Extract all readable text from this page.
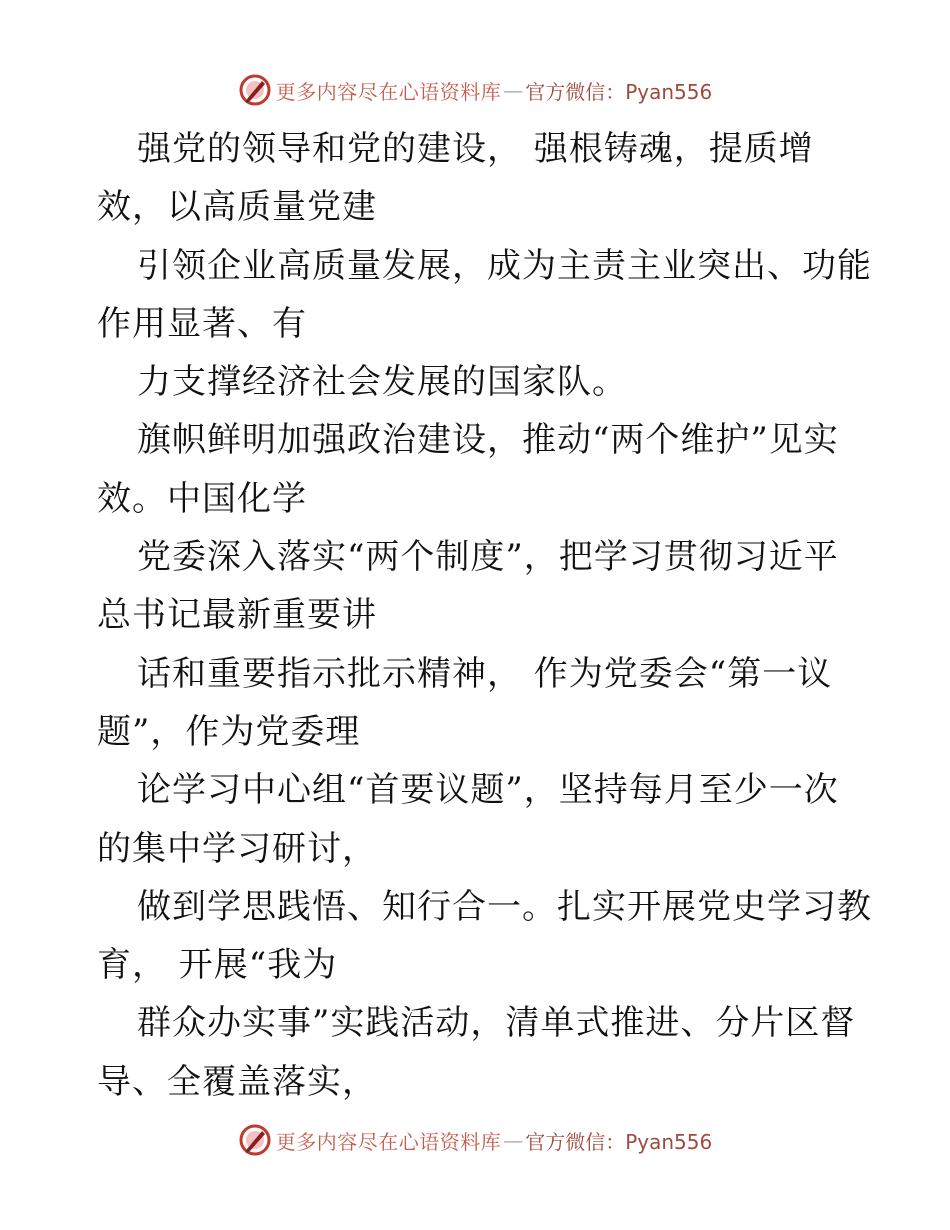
更多内容尽在心语资料库 — 官方微信：Pyan556
强党的领导和党的建设， 强根铸魂，提质增
效，以高质量党建
引领企业高质量发展，成为主责主业突出、功能
作用显著、有
力支撑经济社会发展的国家队。
旗帜鲜明加强政治建设，推动“两个维护”见实
效。中国化学
党委深入落实“两个制度”，把学习贯彻习近平
总书记最新重要讲
话和重要指示批示精神， 作为党委会“第一议
题”，作为党委理
论学习中心组“首要议题”，坚持每月至少一次
的集中学习研讨，
做到学思践悟、知行合一。扎实开展党史学习教
育， 开展“我为
群众办实事”实践活动，清单式推进、分片区督
导、全覆盖落实，
更多内容尽在心语资料库 — 官方微信：Pyan556
